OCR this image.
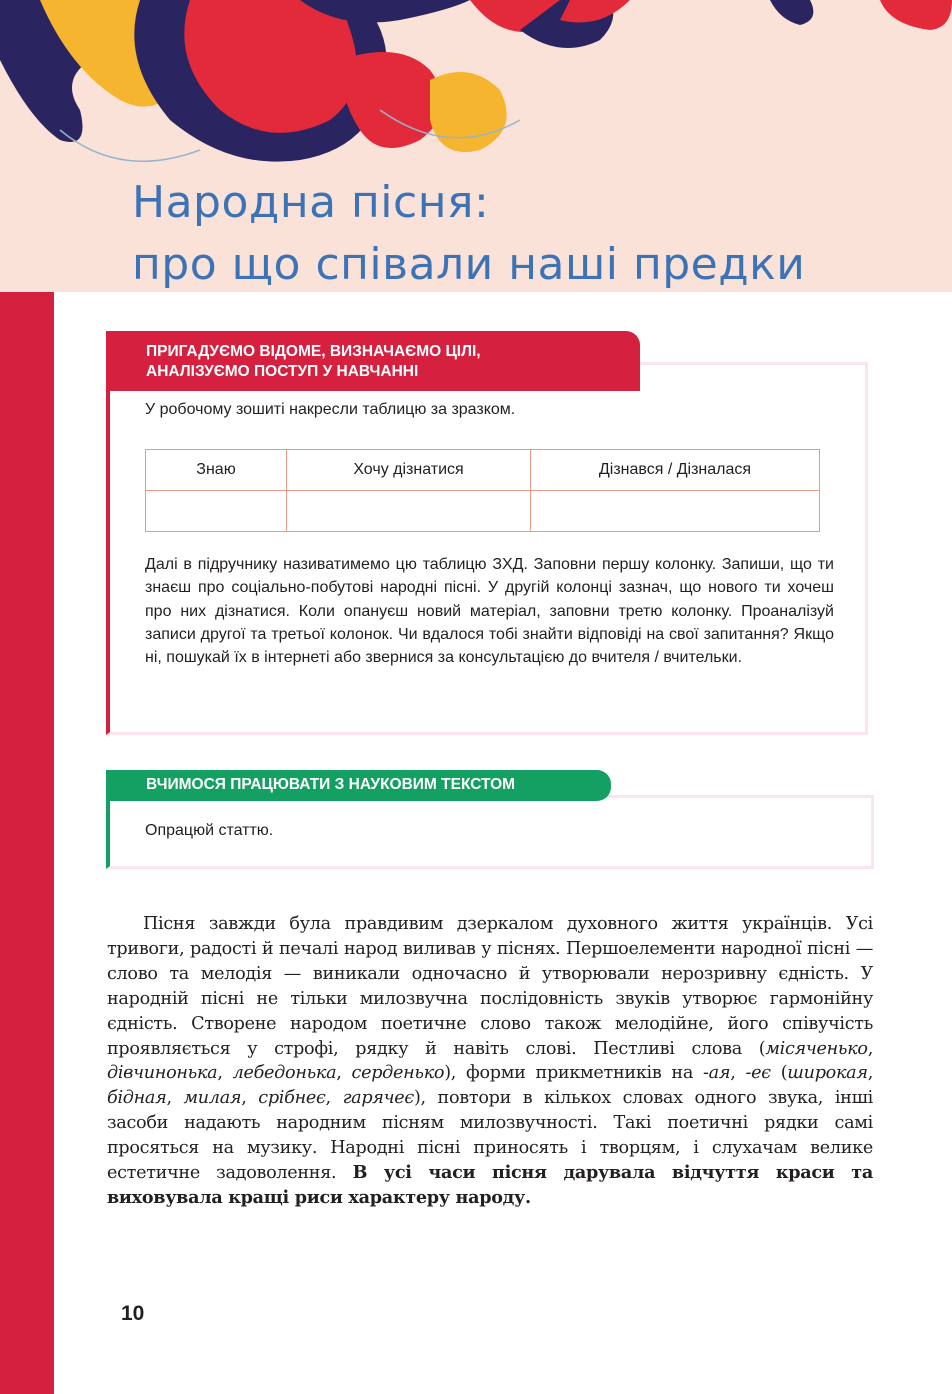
Народна пісня:
про що співали наші предки
ПРИГАДУЄМО ВІДОМЕ, ВИЗНАЧАЄМО ЦІЛІ,
АНАЛІЗУЄМО ПОСТУП У НАВЧАННІ
У робочому зошиті накресли таблицю за зразком.
Знаю	Хочу дізнатися	Дізнався / Дізналася

Далі в підручнику називатимемо цю таблицю ЗХД. Заповни першу колонку. Запиши, що ти знаєш про соціально-побутові народні пісні. У другій колонці зазнач, що нового ти хочеш про них дізнатися. Коли опануєш новий матеріал, заповни третю колонку. Проаналізуй записи другої та третьої колонок. Чи вдалося тобі знайти відповіді на свої запитання? Якщо ні, пошукай їх в інтернеті або звернися за консультацією до вчителя / вчительки.

ВЧИМОСЯ ПРАЦЮВАТИ З НАУКОВИМ ТЕКСТОМ
Опрацюй статтю.

Пісня завжди була правдивим дзеркалом духовного життя українців. Усі тривоги, радості й печалі народ виливав у піснях. Першоелементи народної пісні — слово та мелодія — виникали одночасно й утворювали нерозривну єдність. У народній пісні не тільки милозвучна послідовність звуків утворює гармонійну єдність. Створене народом поетичне слово також мелодійне, його співучість проявляється у строфі, рядку й навіть слові. Пестливі слова (місяченько, дівчинонька, лебедонька, серденько), форми прикметників на -ая, -еє (широкая, бідная, милая, срібнеє, гарячеє), повтори в кількох словах одного звука, інші засоби надають народним пісням милозвучності. Такі поетичні рядки самі просяться на музику. Народні пісні приносять і творцям, і слухачам велике естетичне задоволення. В усі часи пісня дарувала відчуття краси та виховувала кращі риси характеру народу.

10
